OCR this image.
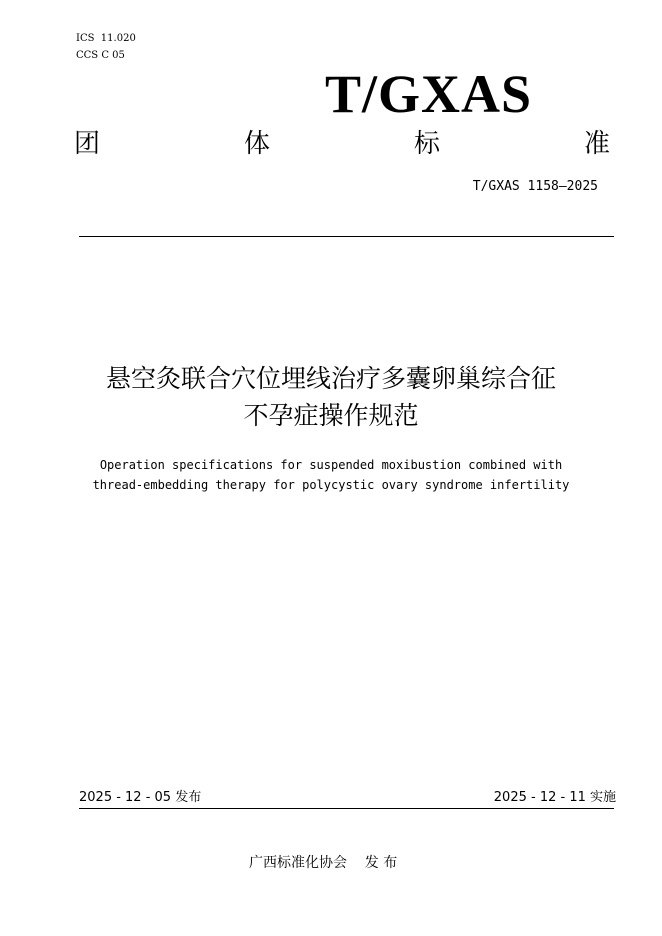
ICS  11.020
CCS C 05
T/GXAS
团	体	标	准
T/GXAS 1158—2025
悬空灸联合穴位埋线治疗多囊卵巢综合征
不孕症操作规范
Operation specifications for suspended moxibustion combined with
thread-embedding therapy for polycystic ovary syndrome infertility
2025 - 12 - 05 发布	2025 - 12 - 11 实施
广西标准化协会    发 布
